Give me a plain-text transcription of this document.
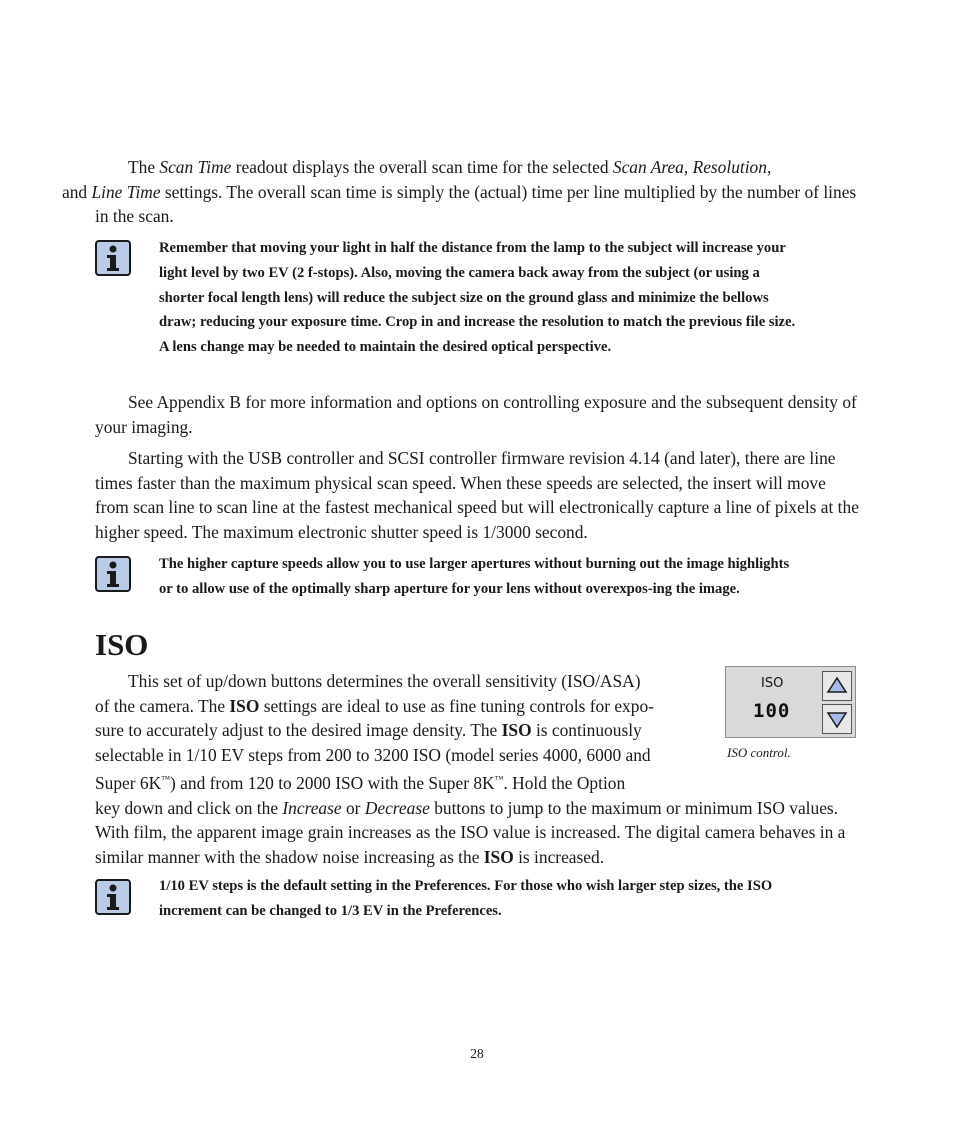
The Scan Time readout displays the overall scan time for the selected Scan Area, Resolution,
and Line Time settings. The overall scan time is simply the (actual) time per line multiplied by the number of lines in the scan.

Remember that moving your light in half the distance from the lamp to the subject will increase your light level by two EV (2 f-stops). Also, moving the camera back away from the subject (or using a shorter focal length lens) will reduce the subject size on the ground glass and minimize the bellows draw; reducing your exposure time. Crop in and increase the resolution to match the previous file size. A lens change may be needed to maintain the desired optical perspective.

See Appendix B for more information and options on controlling exposure and the subsequent density of your imaging.

Starting with the USB controller and SCSI controller firmware revision 4.14 (and later), there are line times faster than the maximum physical scan speed. When these speeds are selected, the insert will move from scan line to scan line at the fastest mechanical speed but will electronically capture a line of pixels at the higher speed. The maximum electronic shutter speed is 1/3000 second.

The higher capture speeds allow you to use larger apertures without burning out the image highlights or to allow use of the optimally sharp aperture for your lens without overexpos-ing the image.

ISO
ISO
100

ISO control.

This set of up/down buttons determines the overall sensitivity (ISO/ASA)
of the camera. The ISO settings are ideal to use as fine tuning controls for expo-
sure to accurately adjust to the desired image density. The ISO is continuously
selectable in 1/10 EV steps from 200 to 3200 ISO (model series 4000, 6000 and
Super 6K™) and from 120 to 2000 ISO with the Super 8K™. Hold the Option
key down and click on the Increase or Decrease buttons to jump to the maximum or minimum ISO values. With film, the apparent image grain increases as the ISO value is increased. The digital camera behaves in a similar manner with the shadow noise increasing as the ISO is increased.

1/10 EV steps is the default setting in the Preferences. For those who wish larger step sizes, the ISO increment can be changed to 1/3 EV in the Preferences.

28
